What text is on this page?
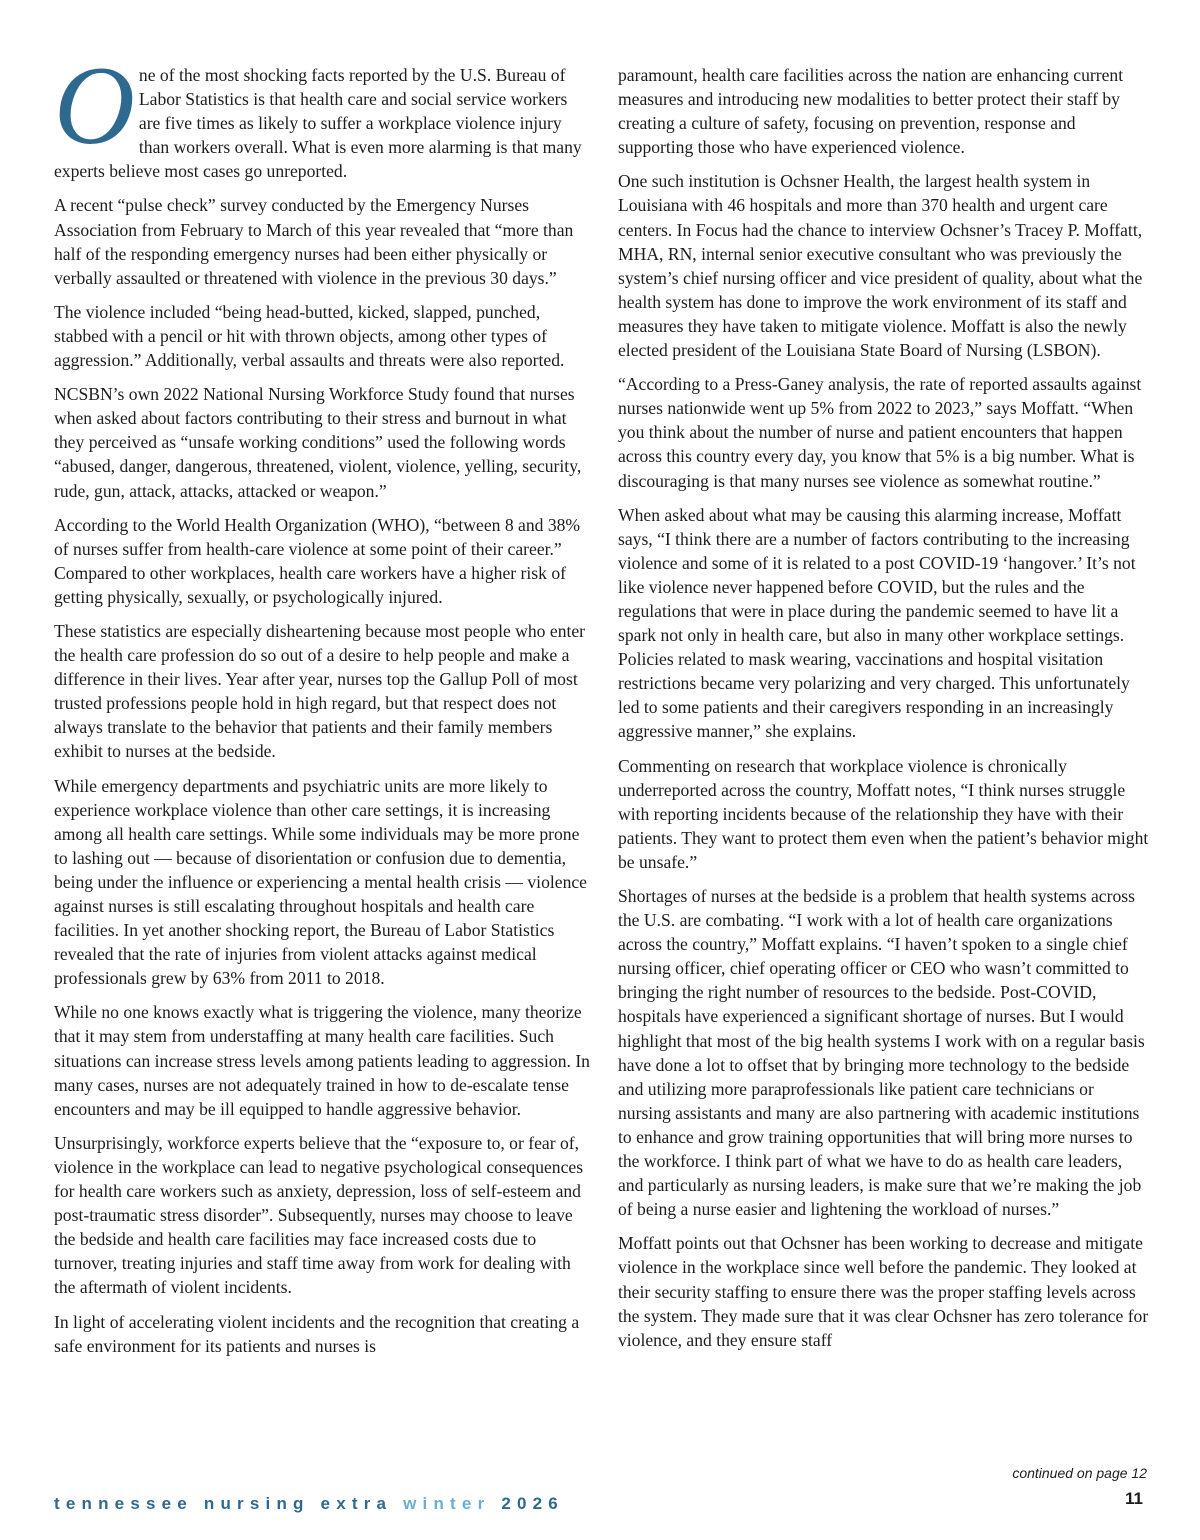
One of the most shocking facts reported by the U.S. Bureau of Labor Statistics is that health care and social service workers are five times as likely to suffer a workplace violence injury than workers overall. What is even more alarming is that many experts believe most cases go unreported.

A recent “pulse check” survey conducted by the Emergency Nurses Association from February to March of this year revealed that “more than half of the responding emergency nurses had been either physically or verbally assaulted or threatened with violence in the previous 30 days.”

The violence included “being head-butted, kicked, slapped, punched, stabbed with a pencil or hit with thrown objects, among other types of aggression.” Additionally, verbal assaults and threats were also reported.

NCSBN’s own 2022 National Nursing Workforce Study found that nurses when asked about factors contributing to their stress and burnout in what they perceived as “unsafe working conditions” used the following words “abused, danger, dangerous, threatened, violent, violence, yelling, security, rude, gun, attack, attacks, attacked or weapon.”

According to the World Health Organization (WHO), “between 8 and 38% of nurses suffer from health-care violence at some point of their career.” Compared to other workplaces, health care workers have a higher risk of getting physically, sexually, or psychologically injured.

These statistics are especially disheartening because most people who enter the health care profession do so out of a desire to help people and make a difference in their lives. Year after year, nurses top the Gallup Poll of most trusted professions people hold in high regard, but that respect does not always translate to the behavior that patients and their family members exhibit to nurses at the bedside.

While emergency departments and psychiatric units are more likely to experience workplace violence than other care settings, it is increasing among all health care settings. While some individuals may be more prone to lashing out — because of disorientation or confusion due to dementia, being under the influence or experiencing a mental health crisis — violence against nurses is still escalating throughout hospitals and health care facilities. In yet another shocking report, the Bureau of Labor Statistics revealed that the rate of injuries from violent attacks against medical professionals grew by 63% from 2011 to 2018.

While no one knows exactly what is triggering the violence, many theorize that it may stem from understaffing at many health care facilities. Such situations can increase stress levels among patients leading to aggression. In many cases, nurses are not adequately trained in how to de-escalate tense encounters and may be ill equipped to handle aggressive behavior.

Unsurprisingly, workforce experts believe that the “exposure to, or fear of, violence in the workplace can lead to negative psychological consequences for health care workers such as anxiety, depression, loss of self-esteem and post-traumatic stress disorder”. Subsequently, nurses may choose to leave the bedside and health care facilities may face increased costs due to turnover, treating injuries and staff time away from work for dealing with the aftermath of violent incidents.

In light of accelerating violent incidents and the recognition that creating a safe environment for its patients and nurses is

paramount, health care facilities across the nation are enhancing current measures and introducing new modalities to better protect their staff by creating a culture of safety, focusing on prevention, response and supporting those who have experienced violence.

One such institution is Ochsner Health, the largest health system in Louisiana with 46 hospitals and more than 370 health and urgent care centers. In Focus had the chance to interview Ochsner’s Tracey P. Moffatt, MHA, RN, internal senior executive consultant who was previously the system’s chief nursing officer and vice president of quality, about what the health system has done to improve the work environment of its staff and measures they have taken to mitigate violence. Moffatt is also the newly elected president of the Louisiana State Board of Nursing (LSBON).

“According to a Press-Ganey analysis, the rate of reported assaults against nurses nationwide went up 5% from 2022 to 2023,” says Moffatt. “When you think about the number of nurse and patient encounters that happen across this country every day, you know that 5% is a big number. What is discouraging is that many nurses see violence as somewhat routine.”

When asked about what may be causing this alarming increase, Moffatt says, “I think there are a number of factors contributing to the increasing violence and some of it is related to a post COVID-19 ‘hangover.’ It’s not like violence never happened before COVID, but the rules and the regulations that were in place during the pandemic seemed to have lit a spark not only in health care, but also in many other workplace settings. Policies related to mask wearing, vaccinations and hospital visitation restrictions became very polarizing and very charged. This unfortunately led to some patients and their caregivers responding in an increasingly aggressive manner,” she explains.

Commenting on research that workplace violence is chronically underreported across the country, Moffatt notes, “I think nurses struggle with reporting incidents because of the relationship they have with their patients. They want to protect them even when the patient’s behavior might be unsafe.”

Shortages of nurses at the bedside is a problem that health systems across the U.S. are combating. “I work with a lot of health care organizations across the country,” Moffatt explains. “I haven’t spoken to a single chief nursing officer, chief operating officer or CEO who wasn’t committed to bringing the right number of resources to the bedside. Post-COVID, hospitals have experienced a significant shortage of nurses. But I would highlight that most of the big health systems I work with on a regular basis have done a lot to offset that by bringing more technology to the bedside and utilizing more paraprofessionals like patient care technicians or nursing assistants and many are also partnering with academic institutions to enhance and grow training opportunities that will bring more nurses to the workforce. I think part of what we have to do as health care leaders, and particularly as nursing leaders, is make sure that we’re making the job of being a nurse easier and lightening the workload of nurses.”

Moffatt points out that Ochsner has been working to decrease and mitigate violence in the workplace since well before the pandemic. They looked at their security staffing to ensure there was the proper staffing levels across the system. They made sure that it was clear Ochsner has zero tolerance for violence, and they ensure staff

continued on page 12
tennessee nursing extra winter 2026	11
